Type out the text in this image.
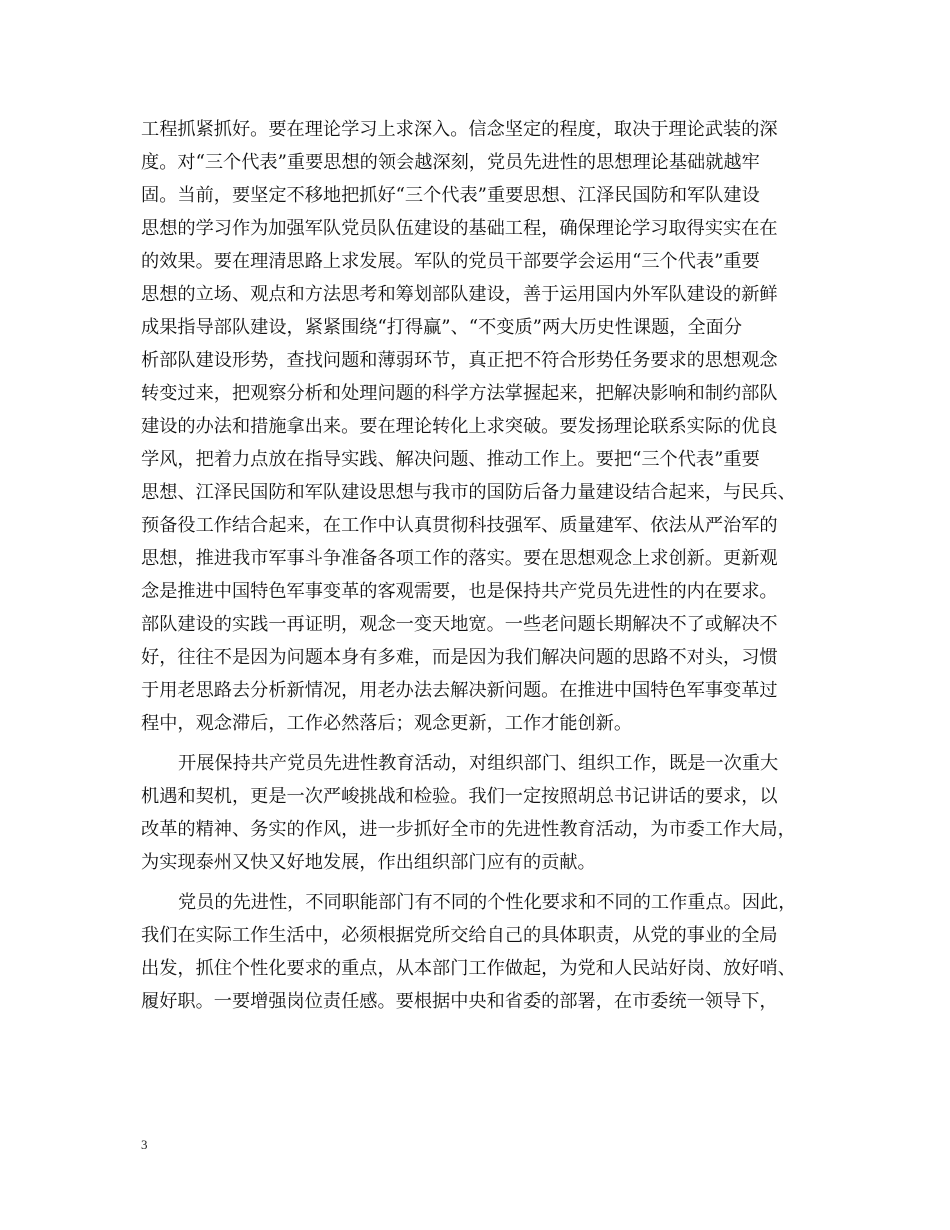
工程抓紧抓好。要在理论学习上求深入。信念坚定的程度，取决于理论武装的深
度。对“三个代表”重要思想的领会越深刻，党员先进性的思想理论基础就越牢
固。当前，要坚定不移地把抓好“三个代表”重要思想、江泽民国防和军队建设
思想的学习作为加强军队党员队伍建设的基础工程，确保理论学习取得实实在在
的效果。要在理清思路上求发展。军队的党员干部要学会运用“三个代表”重要
思想的立场、观点和方法思考和筹划部队建设，善于运用国内外军队建设的新鲜
成果指导部队建设，紧紧围绕“打得赢”、“不变质”两大历史性课题，全面分
析部队建设形势，查找问题和薄弱环节，真正把不符合形势任务要求的思想观念
转变过来，把观察分析和处理问题的科学方法掌握起来，把解决影响和制约部队
建设的办法和措施拿出来。要在理论转化上求突破。要发扬理论联系实际的优良
学风，把着力点放在指导实践、解决问题、推动工作上。要把“三个代表”重要
思想、江泽民国防和军队建设思想与我市的国防后备力量建设结合起来，与民兵、
预备役工作结合起来，在工作中认真贯彻科技强军、质量建军、依法从严治军的
思想，推进我市军事斗争准备各项工作的落实。要在思想观念上求创新。更新观
念是推进中国特色军事变革的客观需要，也是保持共产党员先进性的内在要求。
部队建设的实践一再证明，观念一变天地宽。一些老问题长期解决不了或解决不
好，往往不是因为问题本身有多难，而是因为我们解决问题的思路不对头，习惯
于用老思路去分析新情况，用老办法去解决新问题。在推进中国特色军事变革过
程中，观念滞后，工作必然落后；观念更新，工作才能创新。
开展保持共产党员先进性教育活动，对组织部门、组织工作，既是一次重大
机遇和契机，更是一次严峻挑战和检验。我们一定按照胡总书记讲话的要求，以
改革的精神、务实的作风，进一步抓好全市的先进性教育活动，为市委工作大局，
为实现泰州又快又好地发展，作出组织部门应有的贡献。
党员的先进性，不同职能部门有不同的个性化要求和不同的工作重点。因此，
我们在实际工作生活中，必须根据党所交给自己的具体职责，从党的事业的全局
出发，抓住个性化要求的重点，从本部门工作做起，为党和人民站好岗、放好哨、
履好职。一要增强岗位责任感。要根据中央和省委的部署，在市委统一领导下，
3
